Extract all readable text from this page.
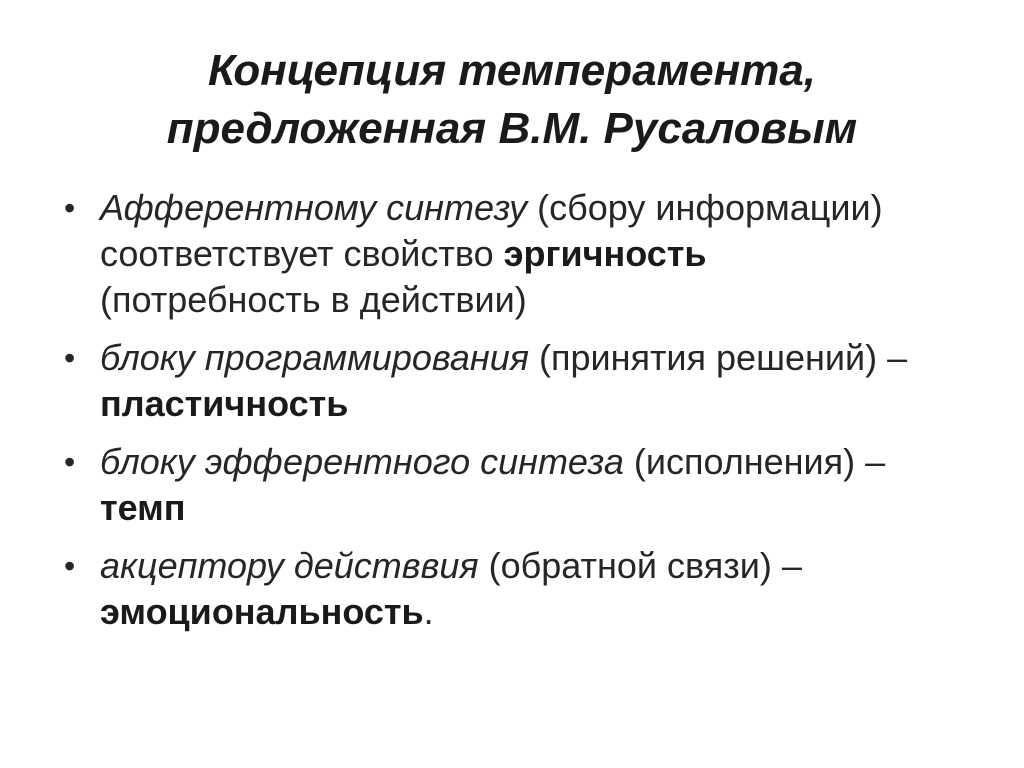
Концепция темперамента,
предложенная В.М. Русаловым
• Афферентному синтезу (сбору информации) соответствует свойство эргичность (потребность в действии)
• блоку программирования (принятия решений) – пластичность
• блоку эфферентного синтеза (исполнения) – темп
• акцептору действвия (обратной связи) – эмоциональность.
